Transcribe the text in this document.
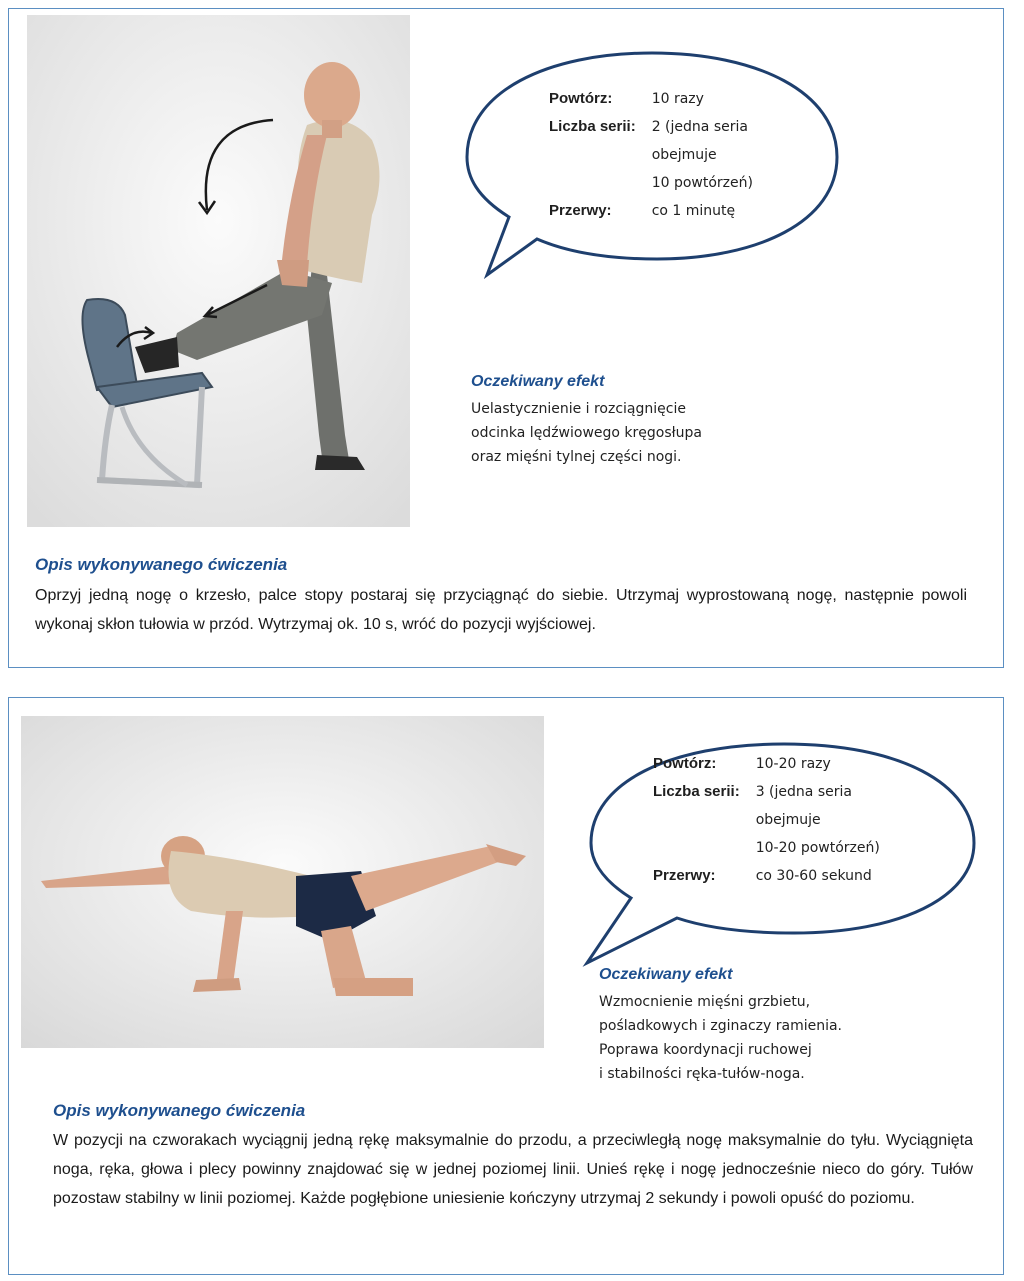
Powtórz:	10 razy
Liczba serii:	2 (jedna seria
	obejmuje
	10 powtórzeń)
Przerwy:	co 1 minutę
Oczekiwany efekt
Uelastycznienie i rozciągnięcie
odcinka lędźwiowego kręgosłupa
oraz mięśni tylnej części nogi.
Opis wykonywanego ćwiczenia
Oprzyj jedną nogę o krzesło, palce stopy postaraj się przyciągnąć do siebie. Utrzymaj wyprostowaną nogę, następnie powoli wykonaj skłon tułowia w przód. Wytrzymaj ok. 10 s, wróć do pozycji wyjściowej.
Powtórz:	10-20 razy
Liczba serii:	3 (jedna seria
	obejmuje
	10-20 powtórzeń)
Przerwy:	co 30-60 sekund
Oczekiwany efekt
Wzmocnienie mięśni grzbietu,
pośladkowych i zginaczy ramienia.
Poprawa koordynacji ruchowej
i stabilności ręka-tułów-noga.
Opis wykonywanego ćwiczenia
W pozycji na czworakach wyciągnij jedną rękę maksymalnie do przodu, a przeciwległą nogę maksymalnie do tyłu. Wyciągnięta noga, ręka, głowa i plecy powinny znajdować się w jednej poziomej linii. Unieś rękę i nogę jednocześnie nieco do góry. Tułów pozostaw stabilny w linii poziomej. Każde pogłębione uniesienie kończyny utrzymaj 2 sekundy i powoli opuść do poziomu.
